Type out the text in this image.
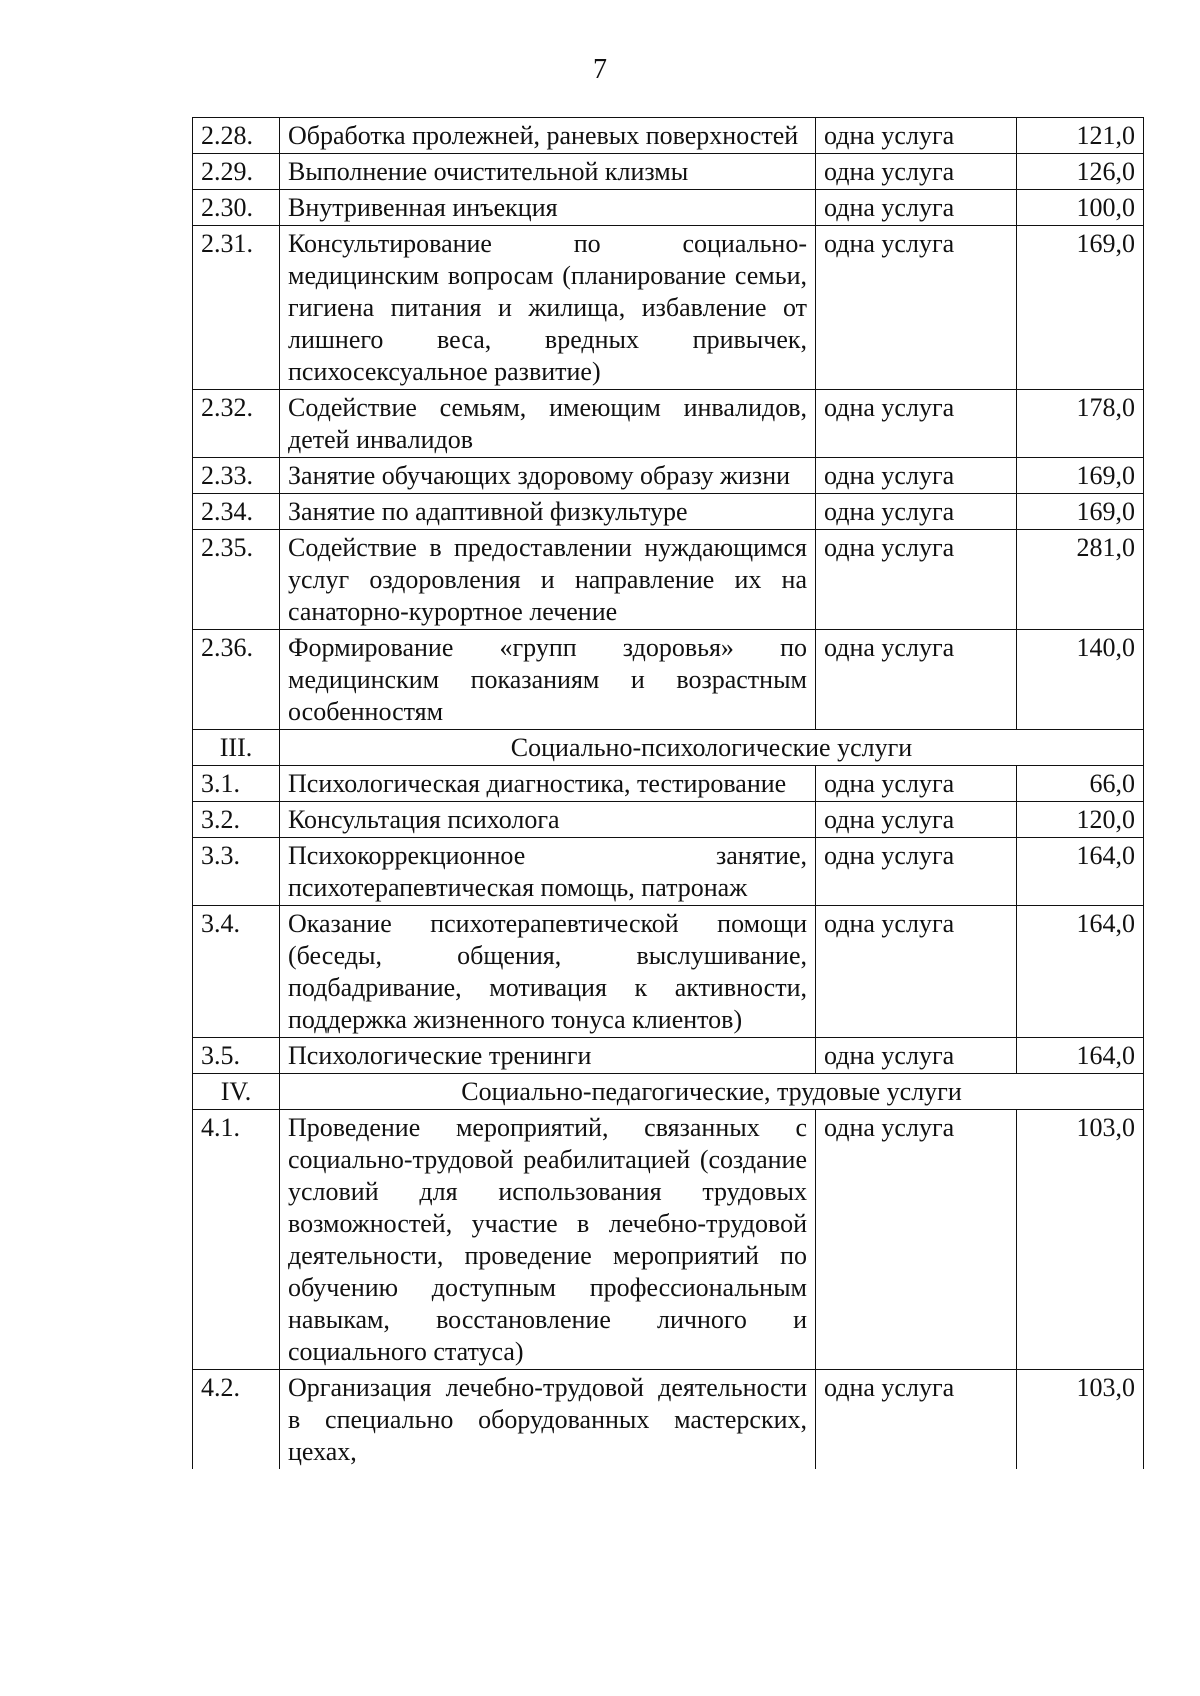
7
2.28.	Обработка пролежней, раневых поверхностей	одна услуга	121,0
2.29.	Выполнение очистительной клизмы	одна услуга	126,0
2.30.	Внутривенная инъекция	одна услуга	100,0
2.31.	Консультирование по социально-медицинским вопросам (планирование семьи, гигиена питания и жилища, избавление от лишнего веса, вредных привычек, психосексуальное развитие)	одна услуга	169,0
2.32.	Содействие семьям, имеющим инвалидов, детей инвалидов	одна услуга	178,0
2.33.	Занятие обучающих здоровому образу жизни	одна услуга	169,0
2.34.	Занятие по адаптивной физкультуре	одна услуга	169,0
2.35.	Содействие в предоставлении нуждающимся услуг оздоровления и направление их на санаторно-курортное лечение	одна услуга	281,0
2.36.	Формирование «групп здоровья» по медицинским показаниям и возрастным особенностям	одна услуга	140,0
III.	Социально-психологические услуги		
3.1.	Психологическая диагностика, тестирование	одна услуга	66,0
3.2.	Консультация психолога	одна услуга	120,0
3.3.	Психокоррекционное занятие, психотерапевтическая помощь, патронаж	одна услуга	164,0
3.4.	Оказание психотерапевтической помощи (беседы, общения, выслушивание, подбадривание, мотивация к активности, поддержка жизненного тонуса клиентов)	одна услуга	164,0
3.5.	Психологические тренинги	одна услуга	164,0
IV.	Социально-педагогические, трудовые услуги		
4.1.	Проведение мероприятий, связанных с социально-трудовой реабилитацией (создание условий для использования трудовых возможностей, участие в лечебно-трудовой деятельности, проведение мероприятий по обучению доступным профессиональным навыкам, восстановление личного и социального статуса)	одна услуга	103,0
4.2.	Организация лечебно-трудовой деятельности в специально оборудованных мастерских, цехах,	одна услуга	103,0
